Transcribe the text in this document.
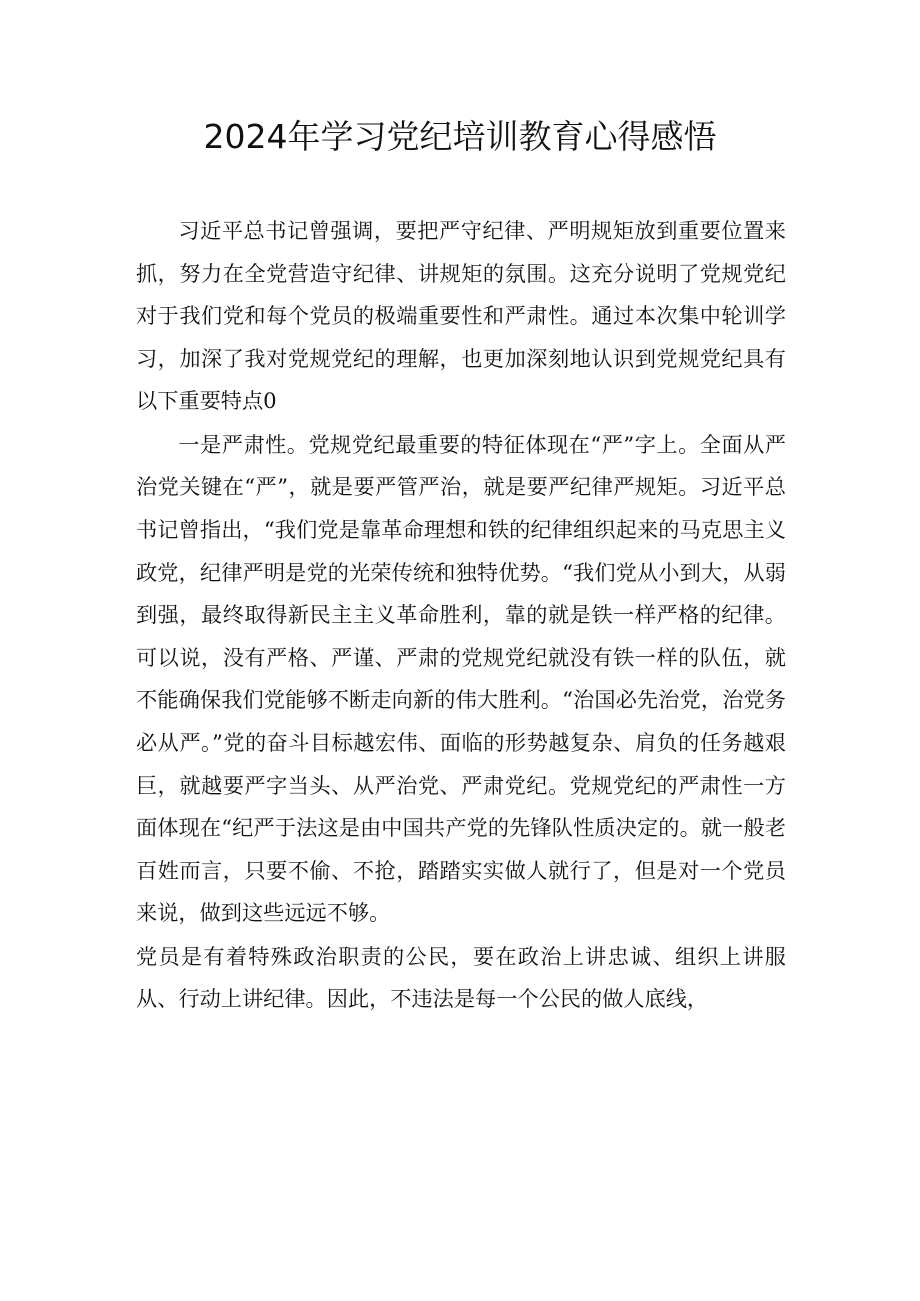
2024年学习党纪培训教育心得感悟

习近平总书记曾强调，要把严守纪律、严明规矩放到重要位置来抓，努力在全党营造守纪律、讲规矩的氛围。这充分说明了党规党纪对于我们党和每个党员的极端重要性和严肃性。通过本次集中轮训学习，加深了我对党规党纪的理解，也更加深刻地认识到党规党纪具有以下重要特点0

一是严肃性。党规党纪最重要的特征体现在“严”字上。全面从严治党关键在“严”，就是要严管严治，就是要严纪律严规矩。习近平总书记曾指出，“我们党是靠革命理想和铁的纪律组织起来的马克思主义政党，纪律严明是党的光荣传统和独特优势。“我们党从小到大，从弱到强，最终取得新民主主义革命胜利，靠的就是铁一样严格的纪律。可以说，没有严格、严谨、严肃的党规党纪就没有铁一样的队伍，就不能确保我们党能够不断走向新的伟大胜利。“治国必先治党，治党务必从严。”党的奋斗目标越宏伟、面临的形势越复杂、肩负的任务越艰巨，就越要严字当头、从严治党、严肃党纪。党规党纪的严肃性一方面体现在“纪严于法这是由中国共产党的先锋队性质决定的。就一般老百姓而言，只要不偷、不抢，踏踏实实做人就行了，但是对一个党员来说，做到这些远远不够。

党员是有着特殊政治职责的公民，要在政治上讲忠诚、组织上讲服从、行动上讲纪律。因此，不违法是每一个公民的做人底线，
